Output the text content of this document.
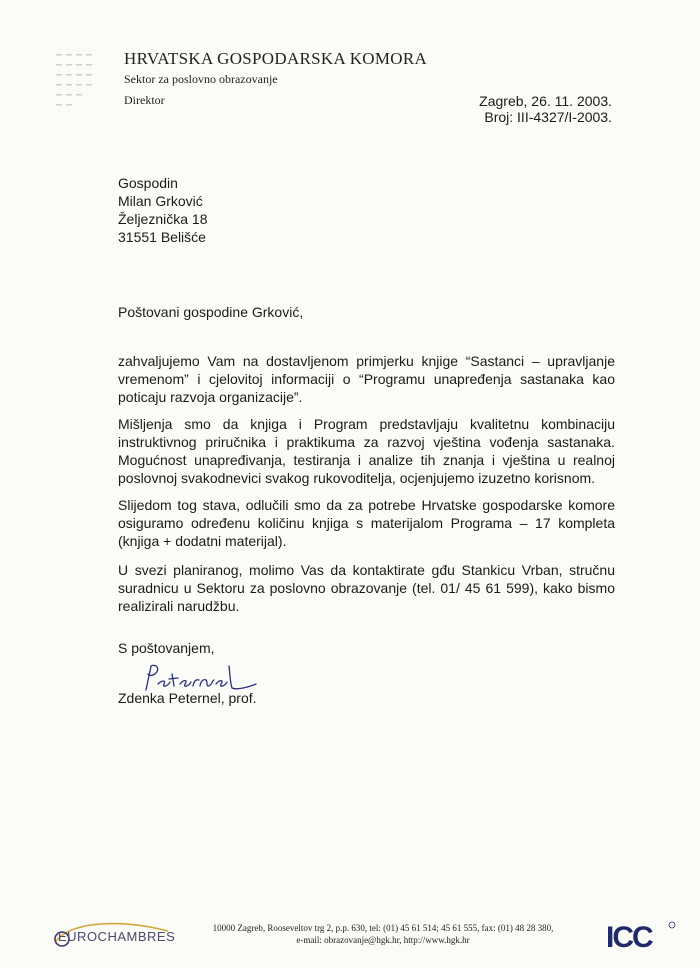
HRVATSKA GOSPODARSKA KOMORA
Sektor za poslovno obrazovanje
Direktor	Zagreb, 26. 11. 2003.
Broj: III-4327/I-2003.
Gospodin
Milan Grković
Željeznička 18
31551 Belišće
Poštovani gospodine Grković,
zahvaljujemo Vam na dostavljenom primjerku knjige “Sastanci – upravljanje vremenom” i cjelovitoj informaciji o “Programu unapređenja sastanaka kao poticaju razvoja organizacije”.
Mišljenja smo da knjiga i Program predstavljaju kvalitetnu kombinaciju instruktivnog priručnika i praktikuma za razvoj vještina vođenja sastanaka. Mogućnost unapređivanja, testiranja i analize tih znanja i vještina u realnoj poslovnoj svakodnevici svakog rukovoditelja, ocjenjujemo izuzetno korisnom.
Slijedom tog stava, odlučili smo da za potrebe Hrvatske gospodarske komore osiguramo određenu količinu knjiga s materijalom Programa – 17 kompleta (knjiga + dodatni materijal).
U svezi planiranog, molimo Vas da kontaktirate gđu Stankicu Vrban, stručnu suradnicu u Sektoru za poslovno obrazovanje (tel. 01/ 45 61 599), kako bismo realizirali narudžbu.
S poštovanjem,
Zdenka Peternel, prof.
EUROCHAMBRES
10000 Zagreb, Rooseveltov trg 2, p.p. 630, tel: (01) 45 61 514; 45 61 555, fax: (01) 48 28 380,
e-mail: obrazovanje@hgk.hr, http://www.hgk.hr	ICC
